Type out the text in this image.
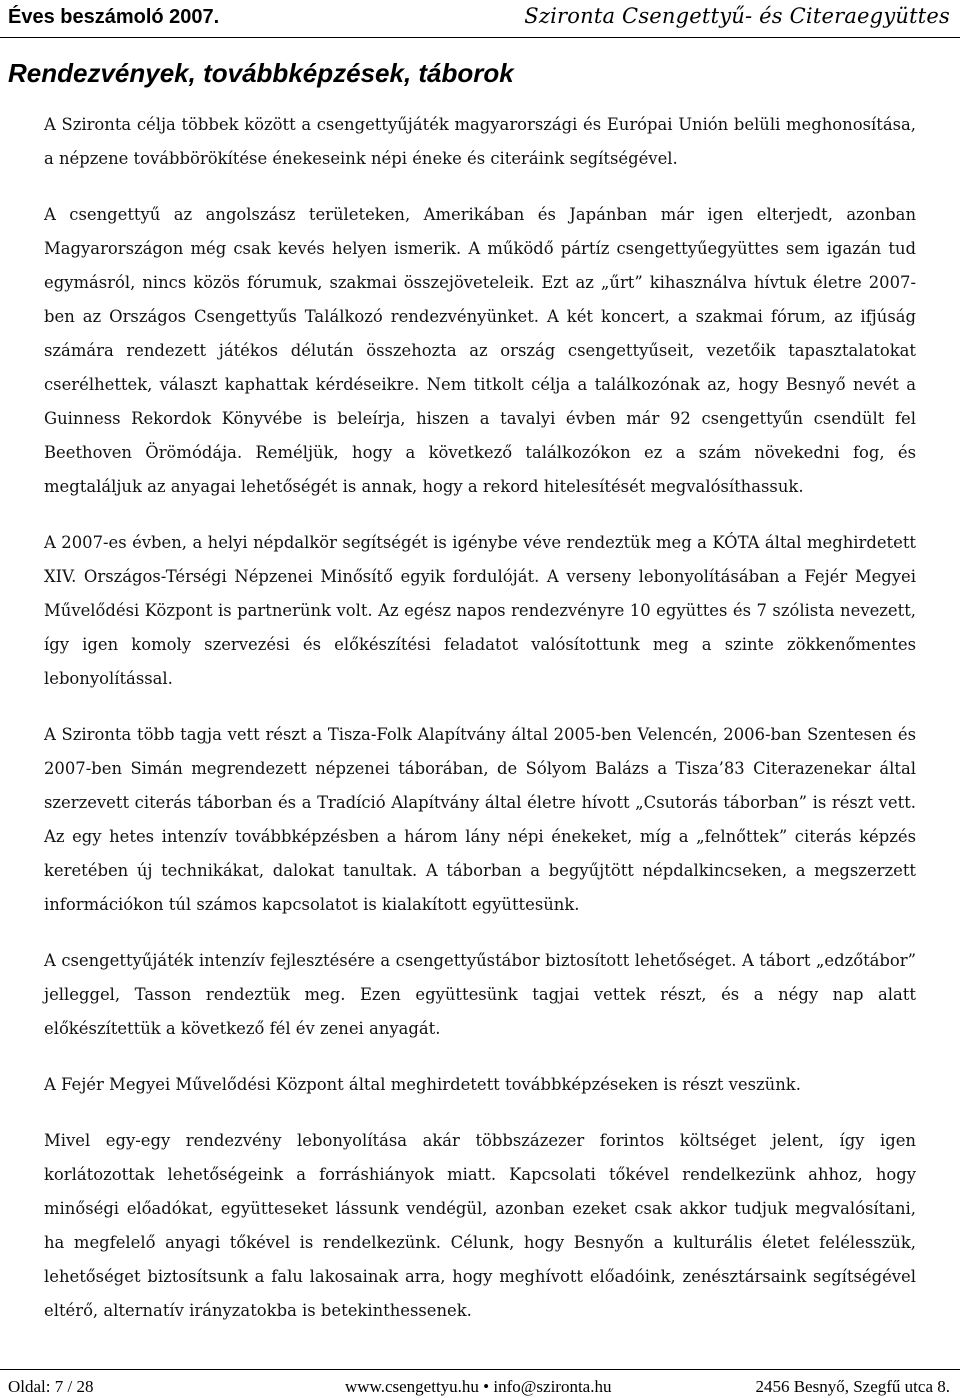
Éves beszámoló 2007.	Szironta Csengettyű- és Citeraegyüttes
Rendezvények, továbbképzések, táborok

A Szironta célja többek között a csengettyűjáték magyarországi és Európai Unión belüli meghonosítása, a népzene továbbörökítése énekeseink népi éneke és citeráink segítségével.

A csengettyű az angolszász területeken, Amerikában és Japánban már igen elterjedt, azonban Magyarországon még csak kevés helyen ismerik. A működő pártíz csengettyűegyüttes sem igazán tud egymásról, nincs közös fórumuk, szakmai összejöveteleik. Ezt az „űrt” kihasználva hívtuk életre 2007-ben az Országos Csengettyűs Találkozó rendezvényünket. A két koncert, a szakmai fórum, az ifjúság számára rendezett játékos délután összehozta az ország csengettyűseit, vezetőik tapasztalatokat cserélhettek, választ kaphattak kérdéseikre. Nem titkolt célja a találkozónak az, hogy Besnyő nevét a Guinness Rekordok Könyvébe is beleírja, hiszen a tavalyi évben már 92 csengettyűn csendült fel Beethoven Örömódája. Reméljük, hogy a következő találkozókon ez a szám növekedni fog, és megtaláljuk az anyagai lehetőségét is annak, hogy a rekord hitelesítését megvalósíthassuk.

A 2007-es évben, a helyi népdalkör segítségét is igénybe véve rendeztük meg a KÓTA által meghirdetett XIV. Országos-Térségi Népzenei Minősítő egyik fordulóját. A verseny lebonyolításában a Fejér Megyei Művelődési Központ is partnerünk volt. Az egész napos rendezvényre 10 együttes és 7 szólista nevezett, így igen komoly szervezési és előkészítési feladatot valósítottunk meg a szinte zökkenőmentes lebonyolítással.

A Szironta több tagja vett részt a Tisza-Folk Alapítvány által 2005-ben Velencén, 2006-ban Szentesen és 2007-ben Simán megrendezett népzenei táborában, de Sólyom Balázs a Tisza’83 Citerazenekar által szerzevett citerás táborban és a Tradíció Alapítvány által életre hívott „Csutorás táborban” is részt vett. Az egy hetes intenzív továbbképzésben a három lány népi énekeket, míg a „felnőttek” citerás képzés keretében új technikákat, dalokat tanultak. A táborban a begyűjtött népdalkincseken, a megszerzett információkon túl számos kapcsolatot is kialakított együttesünk.

A csengettyűjáték intenzív fejlesztésére a csengettyűstábor biztosított lehetőséget. A tábort „edzőtábor” jelleggel, Tasson rendeztük meg. Ezen együttesünk tagjai vettek részt, és a négy nap alatt előkészítettük a következő fél év zenei anyagát.

A Fejér Megyei Művelődési Központ által meghirdetett továbbképzéseken is részt veszünk.

Mivel egy-egy rendezvény lebonyolítása akár többszázezer forintos költséget jelent, így igen korlátozottak lehetőségeink a forráshiányok miatt. Kapcsolati tőkével rendelkezünk ahhoz, hogy minőségi előadókat, együtteseket lássunk vendégül, azonban ezeket csak akkor tudjuk megvalósítani, ha megfelelő anyagi tőkével is rendelkezünk. Célunk, hogy Besnyőn a kulturális életet felélesszük, lehetőséget biztosítsunk a falu lakosainak arra, hogy meghívott előadóink, zenésztársaink segítségével eltérő, alternatív irányzatokba is betekinthessenek.

Oldal: 7 / 28	www.csengettyu.hu • info@szironta.hu	2456 Besnyő, Szegfű utca 8.
